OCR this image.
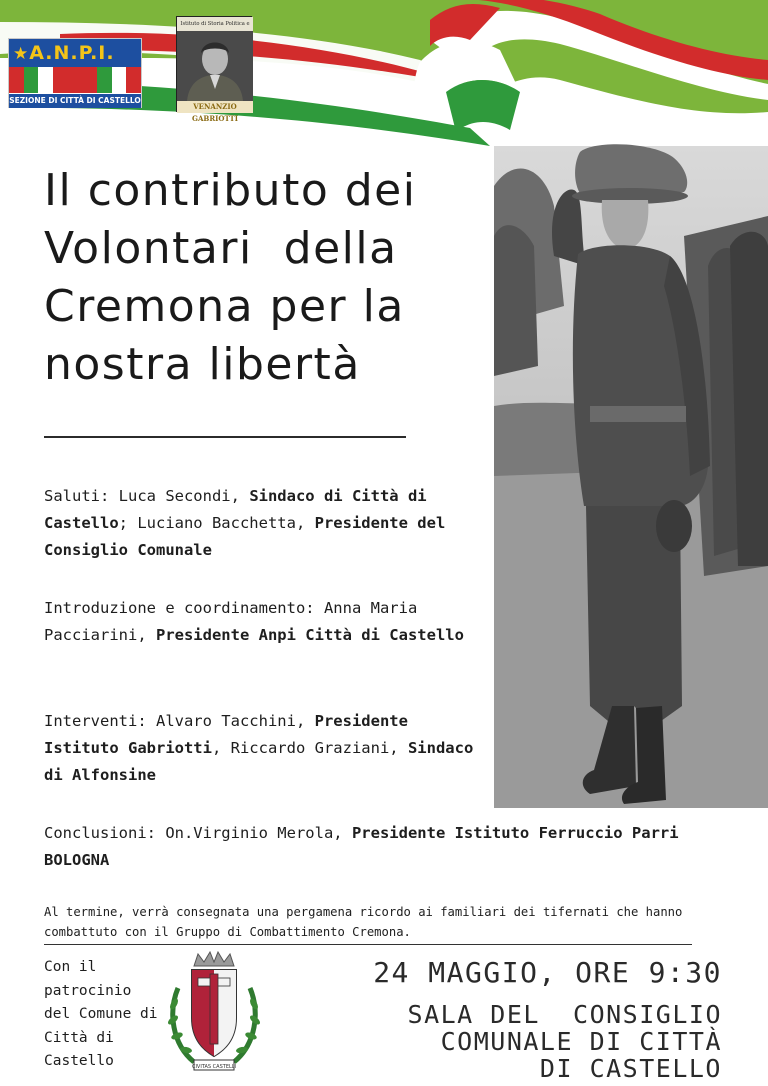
★A.N.P.I.
SEZIONE DI CITTÀ DI CASTELLO
Istituto di Storia Politica e
VENANZIO GABRIOTTI
Il contributo dei
Volontari  della
Cremona per la
nostra libertà

Saluti: Luca Secondi, Sindaco di Città di Castello; Luciano Bacchetta, Presidente del Consiglio Comunale

Introduzione e coordinamento: Anna Maria Pacciarini, Presidente Anpi Città di Castello

Interventi: Alvaro Tacchini, Presidente Istituto Gabriotti, Riccardo Graziani, Sindaco di Alfonsine

Conclusioni: On.Virginio Merola, Presidente Istituto Ferruccio Parri BOLOGNA

Al termine, verrà consegnata una pergamena ricordo ai familiari dei tifernati che hanno combattuto con il Gruppo di Combattimento Cremona.

Con il patrocinio del Comune di Città di Castello	CIVITAS CASTELLI
24 MAGGIO, ORE 9:30
SALA DEL  CONSIGLIO
COMUNALE DI CITTÀ
DI CASTELLO
